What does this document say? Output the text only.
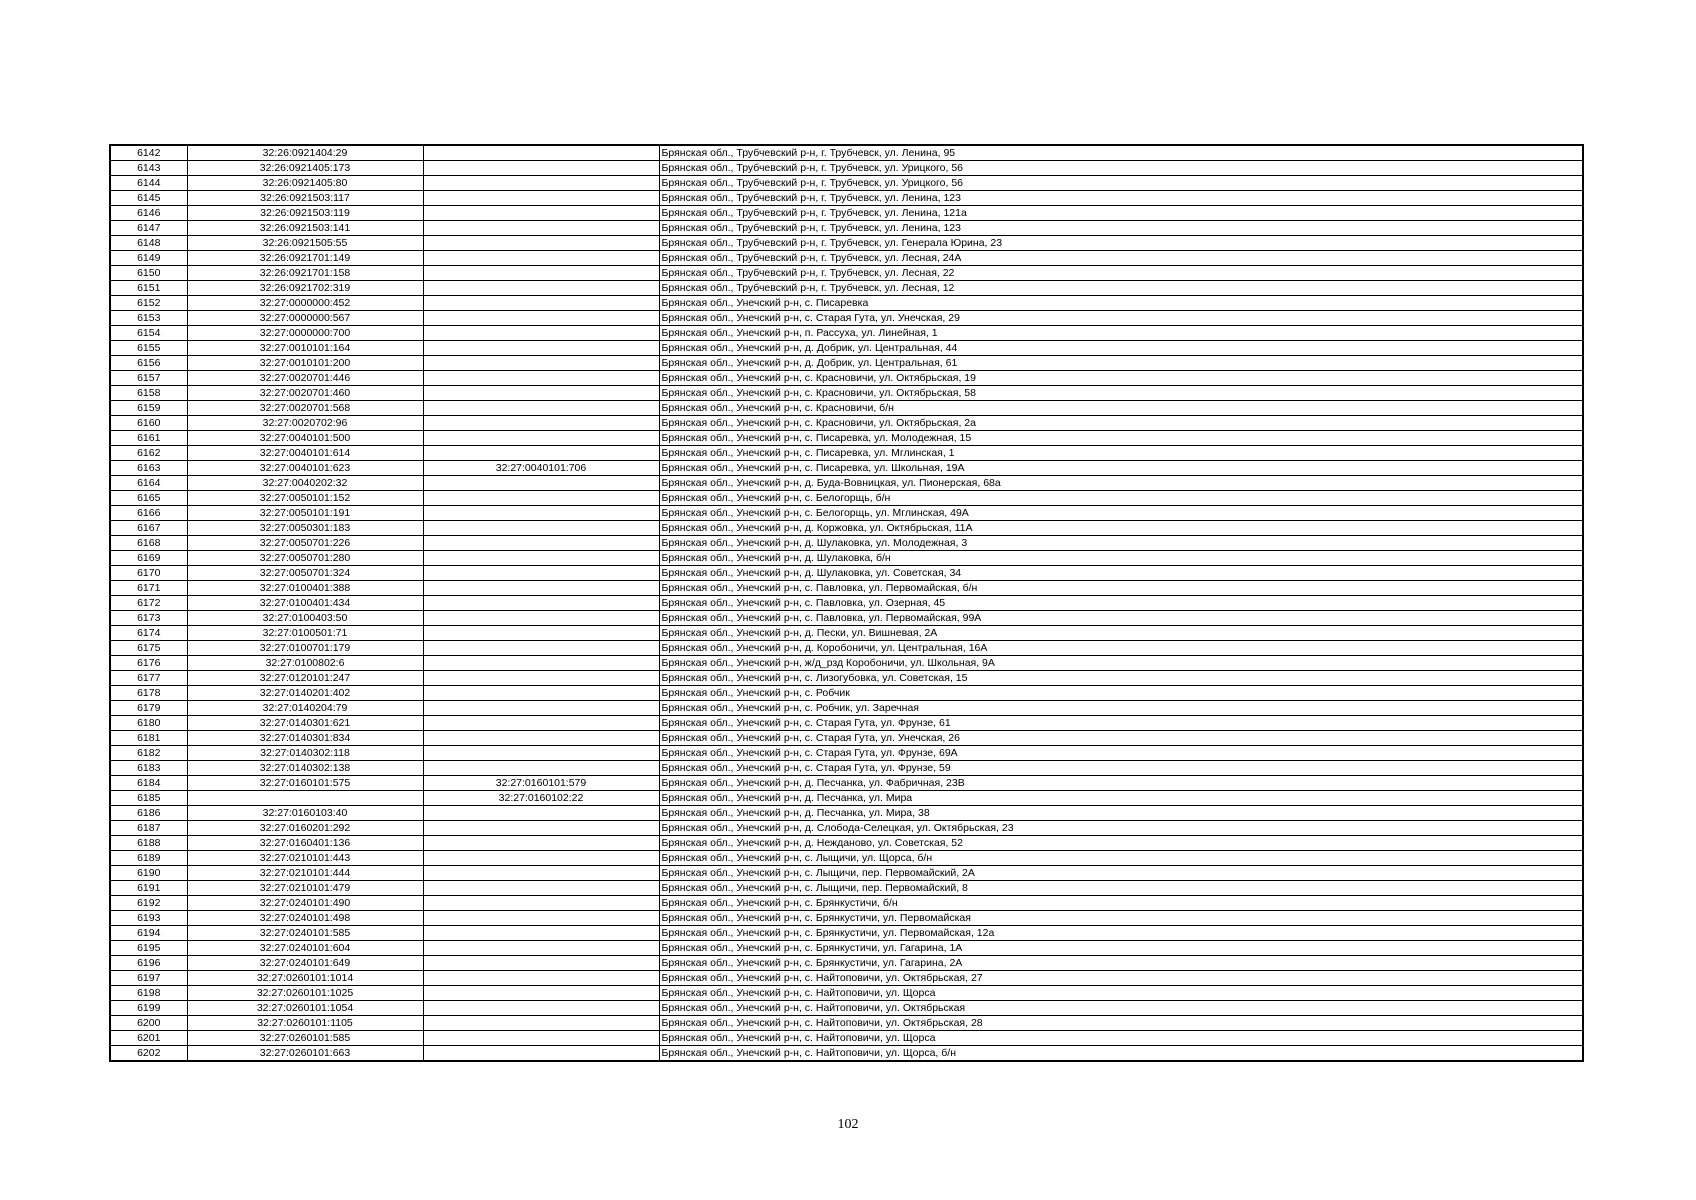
6142	32:26:0921404:29		Брянская обл., Трубчевский р-н, г. Трубчевск, ул. Ленина, 95
6143	32:26:0921405:173		Брянская обл., Трубчевский р-н, г. Трубчевск, ул. Урицкого, 56
6144	32:26:0921405:80		Брянская обл., Трубчевский р-н, г. Трубчевск, ул. Урицкого, 56
6145	32:26:0921503:117		Брянская обл., Трубчевский р-н, г. Трубчевск, ул. Ленина, 123
6146	32:26:0921503:119		Брянская обл., Трубчевский р-н, г. Трубчевск, ул. Ленина, 121а
6147	32:26:0921503:141		Брянская обл., Трубчевский р-н, г. Трубчевск, ул. Ленина, 123
6148	32:26:0921505:55		Брянская обл., Трубчевский р-н, г. Трубчевск, ул. Генерала Юрина, 23
6149	32:26:0921701:149		Брянская обл., Трубчевский р-н, г. Трубчевск, ул. Лесная, 24А
6150	32:26:0921701:158		Брянская обл., Трубчевский р-н, г. Трубчевск, ул. Лесная, 22
6151	32:26:0921702:319		Брянская обл., Трубчевский р-н, г. Трубчевск, ул. Лесная, 12
6152	32:27:0000000:452		Брянская обл., Унечский р-н, с. Писаревка
6153	32:27:0000000:567		Брянская обл., Унечский р-н, с. Старая Гута, ул. Унечская, 29
6154	32:27:0000000:700		Брянская обл., Унечский р-н, п. Рассуха, ул. Линейная, 1
6155	32:27:0010101:164		Брянская обл., Унечский р-н, д. Добрик, ул. Центральная, 44
6156	32:27:0010101:200		Брянская обл., Унечский р-н, д. Добрик, ул. Центральная, 61
6157	32:27:0020701:446		Брянская обл., Унечский р-н, с. Красновичи, ул. Октябрьская, 19
6158	32:27:0020701:460		Брянская обл., Унечский р-н, с. Красновичи, ул. Октябрьская, 58
6159	32:27:0020701:568		Брянская обл., Унечский р-н, с. Красновичи, б/н
6160	32:27:0020702:96		Брянская обл., Унечский р-н, с. Красновичи, ул. Октябрьская, 2а
6161	32:27:0040101:500		Брянская обл., Унечский р-н, с. Писаревка, ул. Молодежная, 15
6162	32:27:0040101:614		Брянская обл., Унечский р-н, с. Писаревка, ул. Мглинская, 1
6163	32:27:0040101:623	32:27:0040101:706	Брянская обл., Унечский р-н, с. Писаревка, ул. Школьная, 19А
6164	32:27:0040202:32		Брянская обл., Унечский р-н, д. Буда-Вовницкая, ул. Пионерская, 68а
6165	32:27:0050101:152		Брянская обл., Унечский р-н, с. Белогорщь, б/н
6166	32:27:0050101:191		Брянская обл., Унечский р-н, с. Белогорщь, ул. Мглинская, 49А
6167	32:27:0050301:183		Брянская обл., Унечский р-н, д. Коржовка, ул. Октябрьская, 11А
6168	32:27:0050701:226		Брянская обл., Унечский р-н, д. Шулаковка, ул. Молодежная, 3
6169	32:27:0050701:280		Брянская обл., Унечский р-н, д. Шулаковка, б/н
6170	32:27:0050701:324		Брянская обл., Унечский р-н, д. Шулаковка, ул. Советская, 34
6171	32:27:0100401:388		Брянская обл., Унечский р-н, с. Павловка, ул. Первомайская, б/н
6172	32:27:0100401:434		Брянская обл., Унечский р-н, с. Павловка, ул. Озерная, 45
6173	32:27:0100403:50		Брянская обл., Унечский р-н, с. Павловка, ул. Первомайская, 99А
6174	32:27:0100501:71		Брянская обл., Унечский р-н, д. Пески, ул. Вишневая, 2А
6175	32:27:0100701:179		Брянская обл., Унечский р-н, д. Коробоничи, ул. Центральная, 16А
6176	32:27:0100802:6		Брянская обл., Унечский р-н, ж/д_рзд Коробоничи, ул. Школьная, 9А
6177	32:27:0120101:247		Брянская обл., Унечский р-н, с. Лизогубовка, ул. Советская, 15
6178	32:27:0140201:402		Брянская обл., Унечский р-н, с. Робчик
6179	32:27:0140204:79		Брянская обл., Унечский р-н, с. Робчик, ул. Заречная
6180	32:27:0140301:621		Брянская обл., Унечский р-н, с. Старая Гута, ул. Фрунзе, 61
6181	32:27:0140301:834		Брянская обл., Унечский р-н, с. Старая Гута, ул. Унечская, 26
6182	32:27:0140302:118		Брянская обл., Унечский р-н, с. Старая Гута, ул. Фрунзе, 69А
6183	32:27:0140302:138		Брянская обл., Унечский р-н, с. Старая Гута, ул. Фрунзе, 59
6184	32:27:0160101:575	32:27:0160101:579	Брянская обл., Унечский р-н, д. Песчанка, ул. Фабричная, 23В
6185		32:27:0160102:22	Брянская обл., Унечский р-н, д. Песчанка, ул. Мира
6186	32:27:0160103:40		Брянская обл., Унечский р-н, д. Песчанка, ул. Мира, 38
6187	32:27:0160201:292		Брянская обл., Унечский р-н, д. Слобода-Селецкая, ул. Октябрьская, 23
6188	32:27:0160401:136		Брянская обл., Унечский р-н, д. Нежданово, ул. Советская, 52
6189	32:27:0210101:443		Брянская обл., Унечский р-н, с. Лыщичи, ул. Щорса, б/н
6190	32:27:0210101:444		Брянская обл., Унечский р-н, с. Лыщичи, пер. Первомайский, 2А
6191	32:27:0210101:479		Брянская обл., Унечский р-н, с. Лыщичи, пер. Первомайский, 8
6192	32:27:0240101:490		Брянская обл., Унечский р-н, с. Брянкустичи, б/н
6193	32:27:0240101:498		Брянская обл., Унечский р-н, с. Брянкустичи, ул. Первомайская
6194	32:27:0240101:585		Брянская обл., Унечский р-н, с. Брянкустичи, ул. Первомайская, 12а
6195	32:27:0240101:604		Брянская обл., Унечский р-н, с. Брянкустичи, ул. Гагарина, 1А
6196	32:27:0240101:649		Брянская обл., Унечский р-н, с. Брянкустичи, ул. Гагарина, 2А
6197	32:27:0260101:1014		Брянская обл., Унечский р-н, с. Найтоповичи, ул. Октябрьская, 27
6198	32:27:0260101:1025		Брянская обл., Унечский р-н, с. Найтоповичи, ул. Щорса
6199	32:27:0260101:1054		Брянская обл., Унечский р-н, с. Найтоповичи, ул. Октябрьская
6200	32:27:0260101:1105		Брянская обл., Унечский р-н, с. Найтоповичи, ул. Октябрьская, 28
6201	32:27:0260101:585		Брянская обл., Унечский р-н, с. Найтоповичи, ул. Щорса
6202	32:27:0260101:663		Брянская обл., Унечский р-н, с. Найтоповичи, ул. Щорса, б/н
102
